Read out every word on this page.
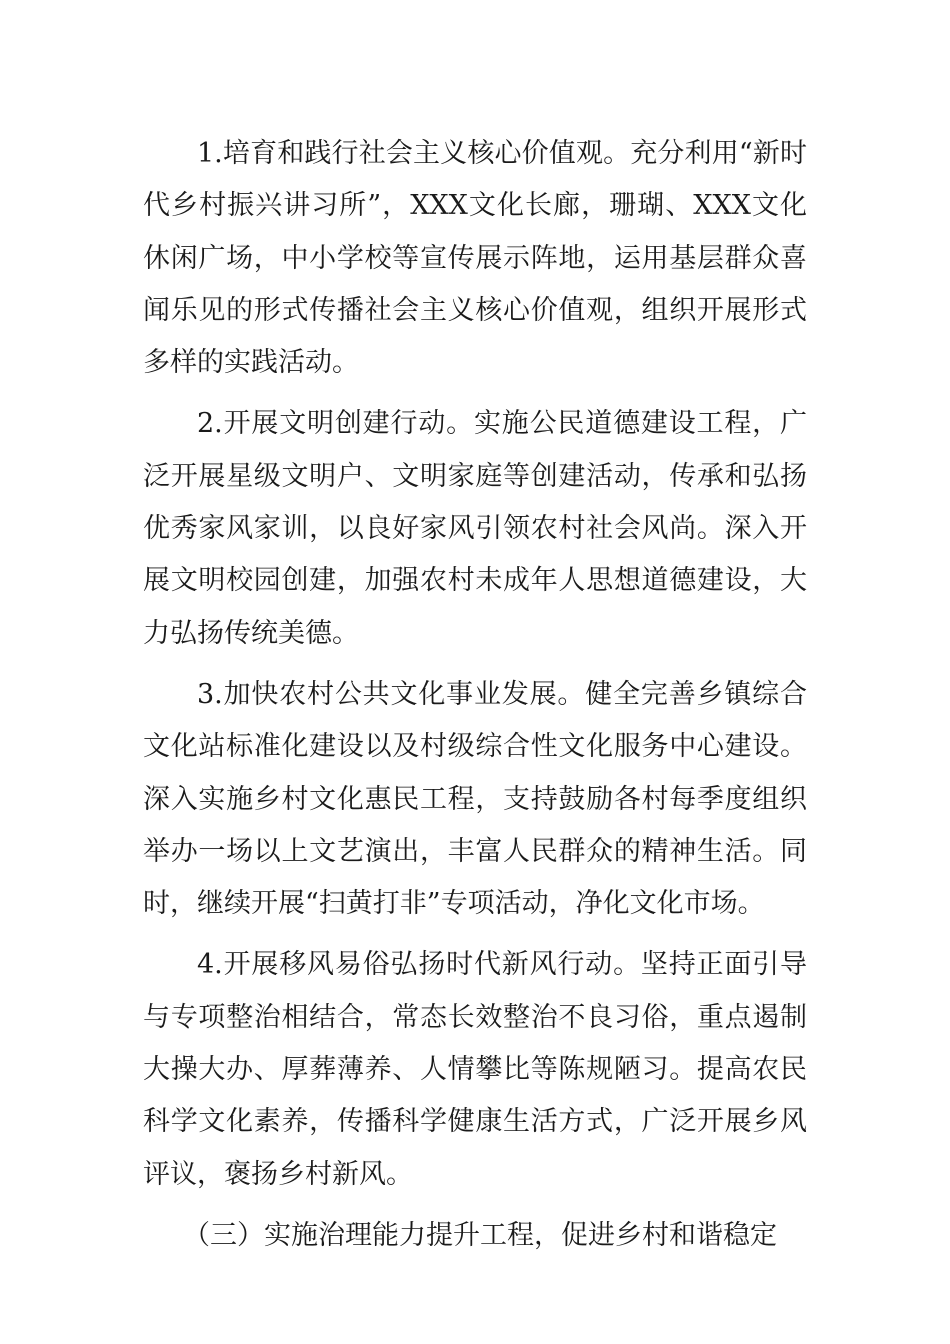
1.培育和践行社会主义核心价值观。充分利用“新时代乡村振兴讲习所”，XXX文化长廊，珊瑚、XXX文化休闲广场，中小学校等宣传展示阵地，运用基层群众喜闻乐见的形式传播社会主义核心价值观，组织开展形式多样的实践活动。

2.开展文明创建行动。实施公民道德建设工程，广泛开展星级文明户、文明家庭等创建活动，传承和弘扬优秀家风家训，以良好家风引领农村社会风尚。深入开展文明校园创建，加强农村未成年人思想道德建设，大力弘扬传统美德。

3.加快农村公共文化事业发展。健全完善乡镇综合文化站标准化建设以及村级综合性文化服务中心建设。深入实施乡村文化惠民工程，支持鼓励各村每季度组织举办一场以上文艺演出，丰富人民群众的精神生活。同时，继续开展“扫黄打非”专项活动，净化文化市场。

4.开展移风易俗弘扬时代新风行动。坚持正面引导与专项整治相结合，常态长效整治不良习俗，重点遏制大操大办、厚葬薄养、人情攀比等陈规陋习。提高农民科学文化素养，传播科学健康生活方式，广泛开展乡风评议，褒扬乡村新风。

（三）实施治理能力提升工程，促进乡村和谐稳定
